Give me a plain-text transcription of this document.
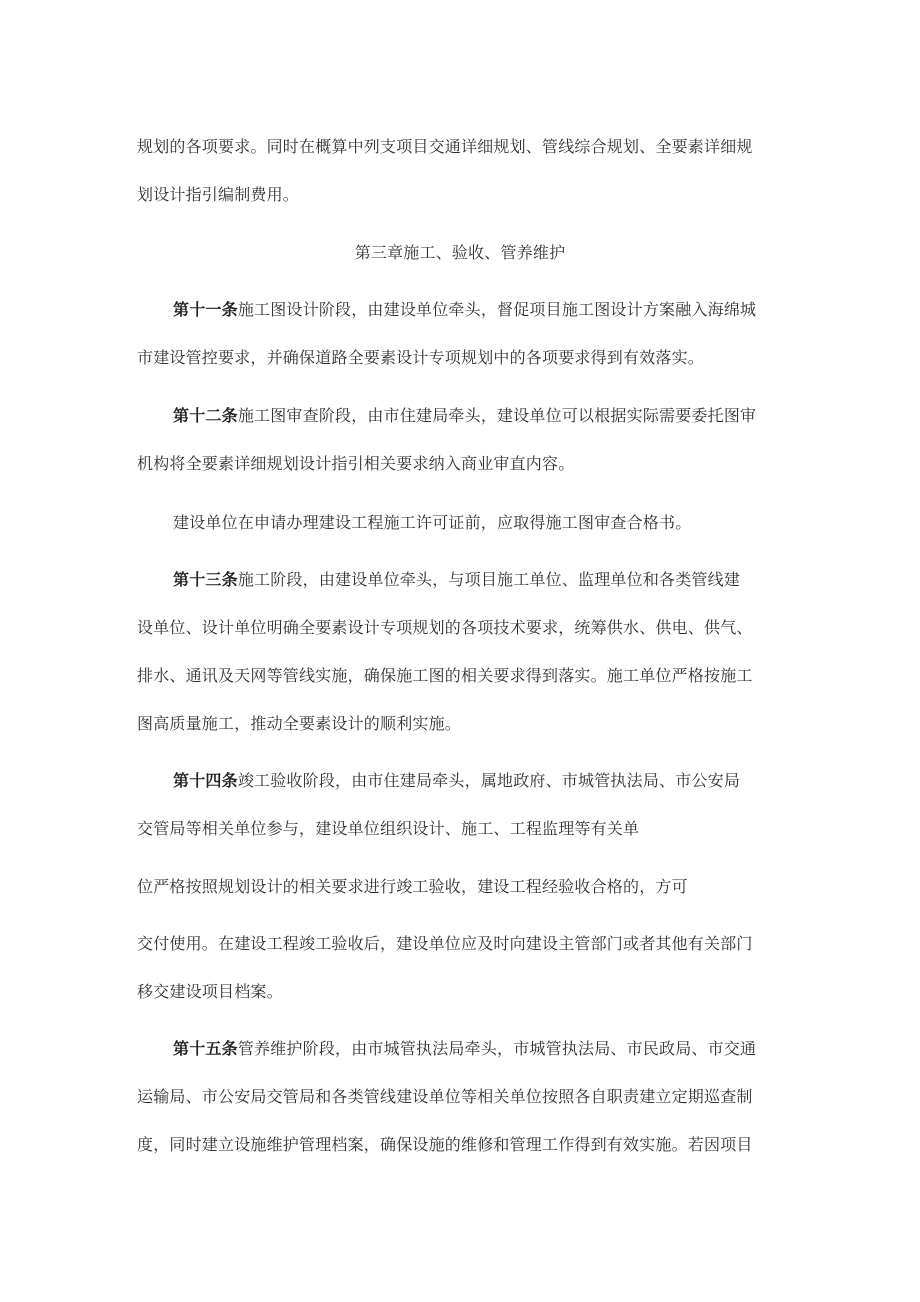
规划的各项要求。同时在概算中列支项目交通详细规划、管线综合规划、全要素详细规
划设计指引编制费用。
第三章施工、验收、管养维护
第十一条施工图设计阶段，由建设单位牵头，督促项目施工图设计方案融入海绵城
市建设管控要求，并确保道路全要素设计专项规划中的各项要求得到有效落实。
第十二条施工图审查阶段，由市住建局牵头，建设单位可以根据实际需要委托图审
机构将全要素详细规划设计指引相关要求纳入商业审直内容。
建设单位在申请办理建设工程施工许可证前，应取得施工图审查合格书。
第十三条施工阶段，由建设单位牵头，与项目施工单位、监理单位和各类管线建
设单位、设计单位明确全要素设计专项规划的各项技术要求，统筹供水、供电、供气、
排水、通讯及天网等管线实施，确保施工图的相关要求得到落实。施工单位严格按施工
图高质量施工，推动全要素设计的顺利实施。
第十四条竣工验收阶段，由市住建局牵头，属地政府、市城管执法局、市公安局
交管局等相关单位参与，建设单位组织设计、施工、工程监理等有关单
位严格按照规划设计的相关要求进行竣工验收，建设工程经验收合格的，方可
交付使用。在建设工程竣工验收后，建设单位应及时向建设主管部门或者其他有关部门
移交建设项目档案。
第十五条管养维护阶段，由市城管执法局牵头，市城管执法局、市民政局、市交通
运输局、市公安局交管局和各类管线建设单位等相关单位按照各自职责建立定期巡查制
度，同时建立设施维护管理档案，确保设施的维修和管理工作得到有效实施。若因项目
